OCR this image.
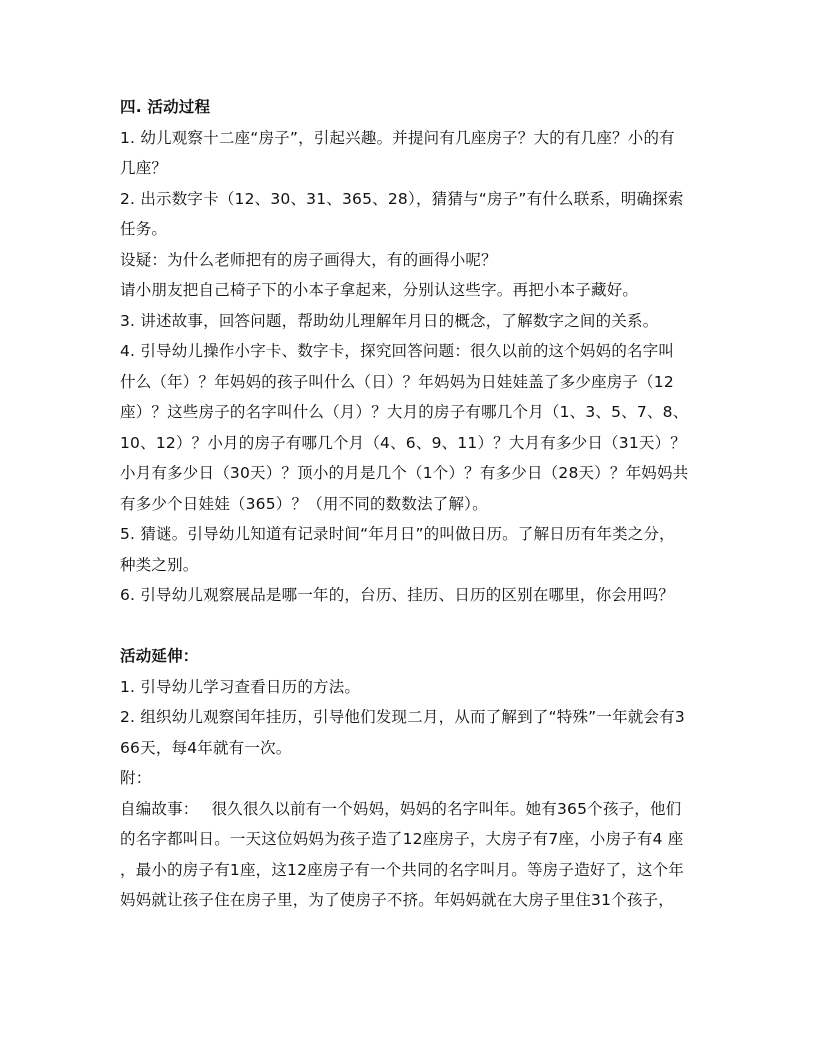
四. 活动过程
1. 幼儿观察十二座“房子”，引起兴趣。并提问有几座房子？大的有几座？小的有
几座？
2. 出示数字卡（12、30、31、365、28），猜猜与“房子”有什么联系，明确探索
任务。
设疑：为什么老师把有的房子画得大，有的画得小呢？
请小朋友把自己椅子下的小本子拿起来，分别认这些字。再把小本子藏好。
3. 讲述故事，回答问题，帮助幼儿理解年月日的概念，了解数字之间的关系。
4. 引导幼儿操作小字卡、数字卡，探究回答问题：很久以前的这个妈妈的名字叫
什么（年）？年妈妈的孩子叫什么（日）？年妈妈为日娃娃盖了多少座房子（12
座）？这些房子的名字叫什么（月）？大月的房子有哪几个月（1、3、5、7、8、
10、12）？小月的房子有哪几个月（4、6、9、11）？大月有多少日（31天）？
小月有多少日（30天）？顶小的月是几个（1个）？有多少日（28天）？年妈妈共
有多少个日娃娃（365）？（用不同的数数法了解）。
5. 猜谜。引导幼儿知道有记录时间“年月日”的叫做日历。了解日历有年类之分，
种类之别。
6. 引导幼儿观察展品是哪一年的，台历、挂历、日历的区别在哪里，你会用吗？
活动延伸：
1. 引导幼儿学习查看日历的方法。
2. 组织幼儿观察闰年挂历，引导他们发现二月，从而了解到了“特殊”一年就会有3
66天，每4年就有一次。
附：
自编故事：　 很久很久以前有一个妈妈，妈妈的名字叫年。她有365个孩子，他们
的名字都叫日。一天这位妈妈为孩子造了12座房子，大房子有7座，小房子有4 座
，最小的房子有1座，这12座房子有一个共同的名字叫月。等房子造好了，这个年
妈妈就让孩子住在房子里，为了使房子不挤。年妈妈就在大房子里住31个孩子，
